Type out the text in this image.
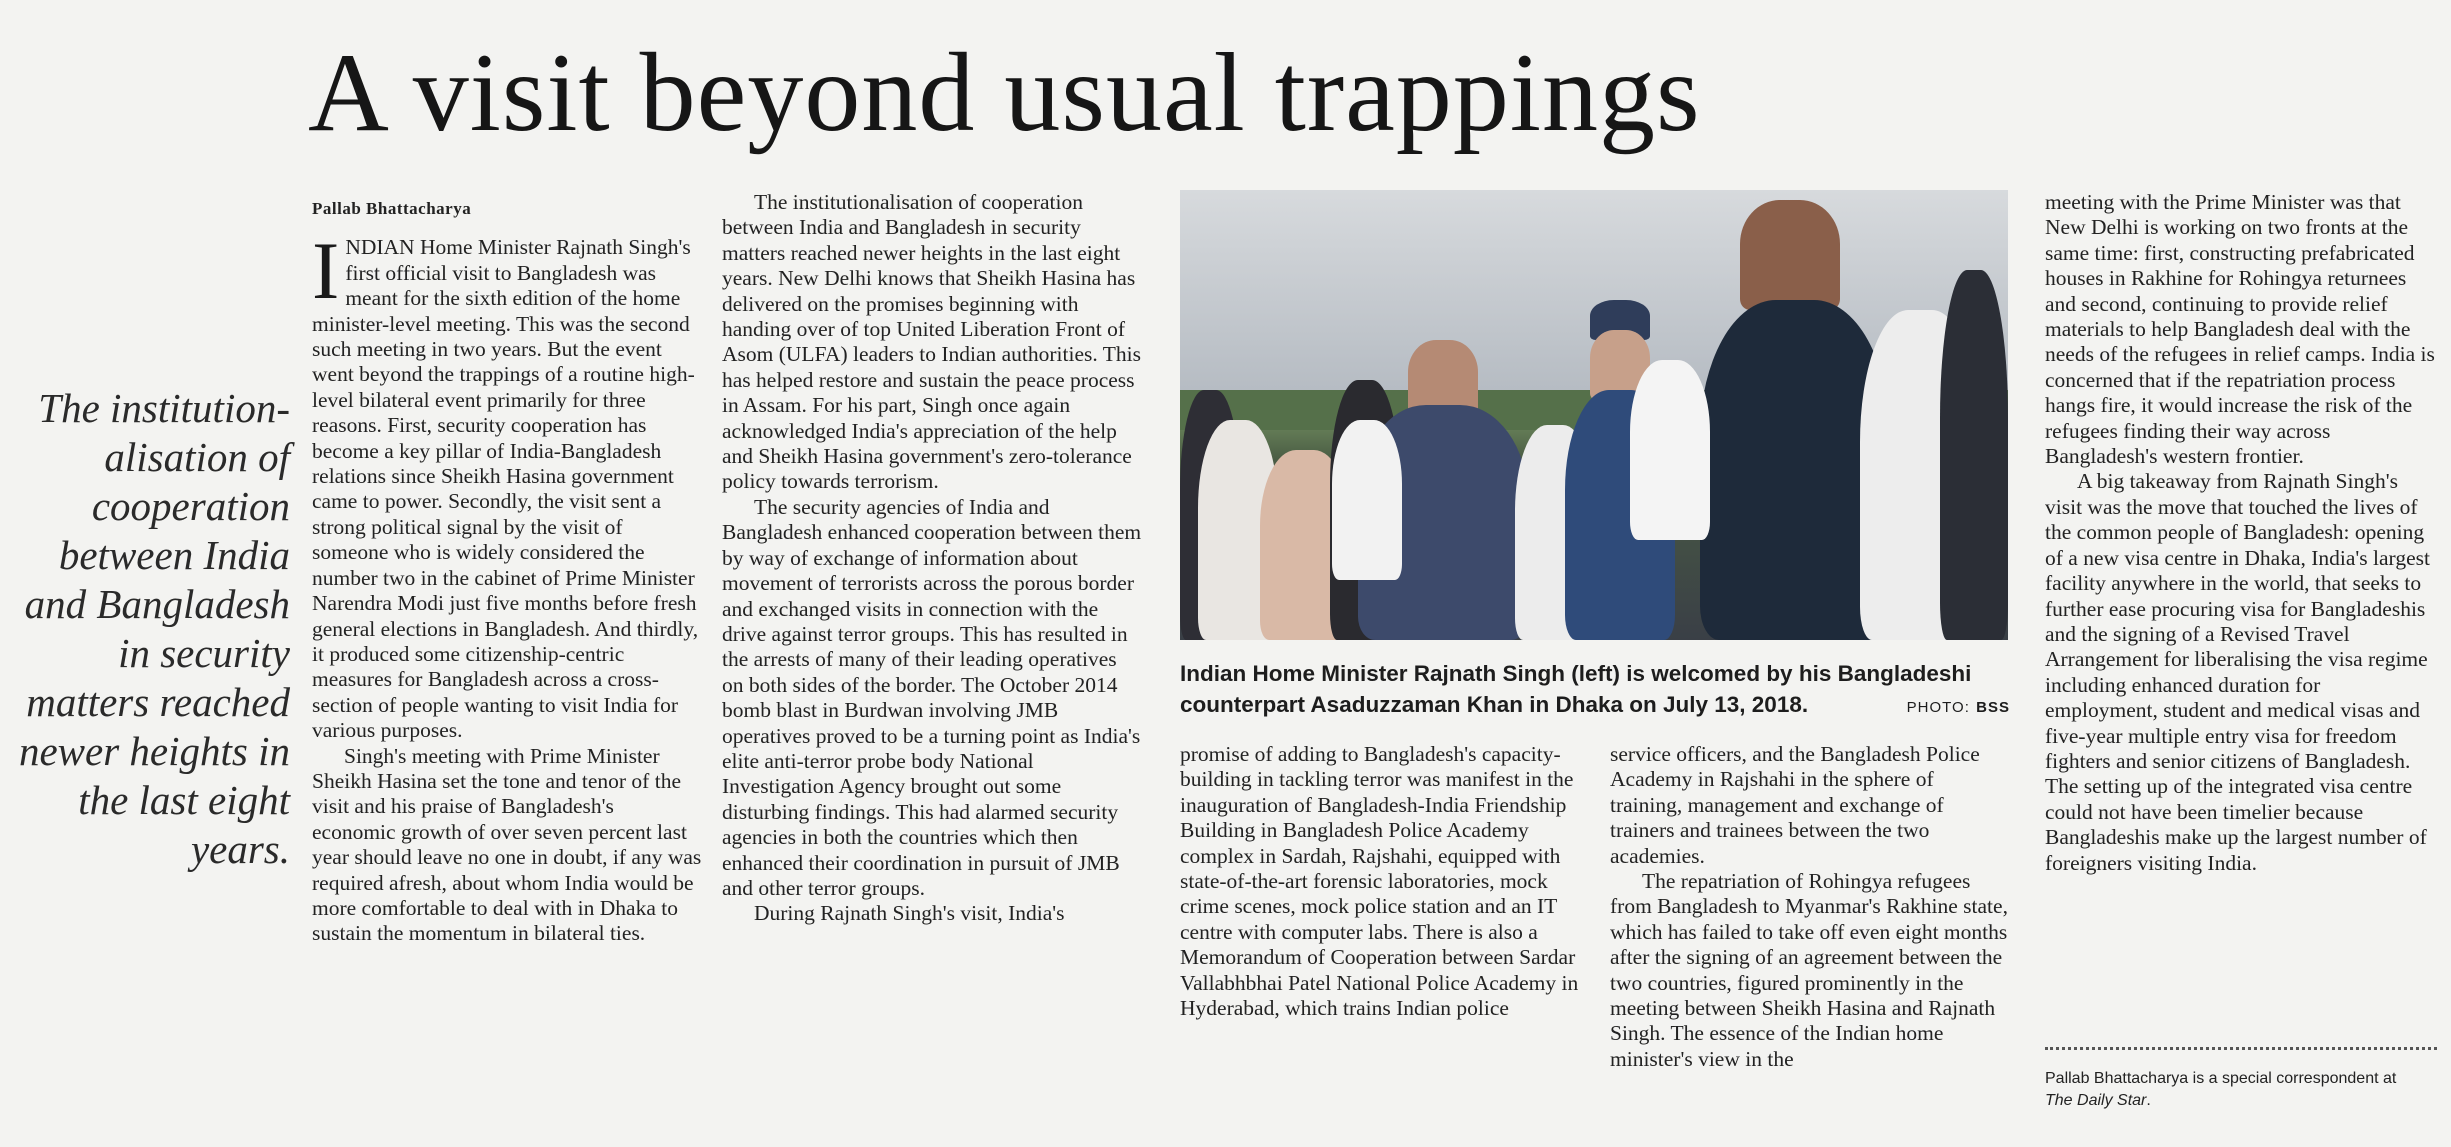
A visit beyond usual trappings
The institution-alisation of cooperation between India and Bangladesh in security matters reached newer heights in the last eight years.
Pallab Bhattacharya

INDIAN Home Minister Rajnath Singh's first official visit to Bangladesh was meant for the sixth edition of the home minister-level meeting. This was the second such meeting in two years. But the event went beyond the trappings of a routine high-level bilateral event primarily for three reasons. First, security cooperation has become a key pillar of India-Bangladesh relations since Sheikh Hasina government came to power. Secondly, the visit sent a strong political signal by the visit of someone who is widely considered the number two in the cabinet of Prime Minister Narendra Modi just five months before fresh general elections in Bangladesh. And thirdly, it produced some citizenship-centric measures for Bangladesh across a cross-section of people wanting to visit India for various purposes.

Singh's meeting with Prime Minister Sheikh Hasina set the tone and tenor of the visit and his praise of Bangladesh's economic growth of over seven percent last year should leave no one in doubt, if any was required afresh, about whom India would be more comfortable to deal with in Dhaka to sustain the momentum in bilateral ties.

The institutionalisation of cooperation between India and Bangladesh in security matters reached newer heights in the last eight years. New Delhi knows that Sheikh Hasina has delivered on the promises beginning with handing over of top United Liberation Front of Asom (ULFA) leaders to Indian authorities. This has helped restore and sustain the peace process in Assam. For his part, Singh once again acknowledged India's appreciation of the help and Sheikh Hasina government's zero-tolerance policy towards terrorism.

The security agencies of India and Bangladesh enhanced cooperation between them by way of exchange of information about movement of terrorists across the porous border and exchanged visits in connection with the drive against terror groups. This has resulted in the arrests of many of their leading operatives on both sides of the border. The October 2014 bomb blast in Burdwan involving JMB operatives proved to be a turning point as India's elite anti-terror probe body National Investigation Agency brought out some disturbing findings. This had alarmed security agencies in both the countries which then enhanced their coordination in pursuit of JMB and other terror groups.

During Rajnath Singh's visit, India's

Indian Home Minister Rajnath Singh (left) is welcomed by his Bangladeshi counterpart Asaduzzaman Khan in Dhaka on July 13, 2018.	PHOTO: BSS

promise of adding to Bangladesh's capacity-building in tackling terror was manifest in the inauguration of Bangladesh-India Friendship Building in Bangladesh Police Academy complex in Sardah, Rajshahi, equipped with state-of-the-art forensic laboratories, mock crime scenes, mock police station and an IT centre with computer labs. There is also a Memorandum of Cooperation between Sardar Vallabhbhai Patel National Police Academy in Hyderabad, which trains Indian police

service officers, and the Bangladesh Police Academy in Rajshahi in the sphere of training, management and exchange of trainers and trainees between the two academies.

The repatriation of Rohingya refugees from Bangladesh to Myanmar's Rakhine state, which has failed to take off even eight months after the signing of an agreement between the two countries, figured prominently in the meeting between Sheikh Hasina and Rajnath Singh. The essence of the Indian home minister's view in the

meeting with the Prime Minister was that New Delhi is working on two fronts at the same time: first, constructing prefabricated houses in Rakhine for Rohingya returnees and second, continuing to provide relief materials to help Bangladesh deal with the needs of the refugees in relief camps. India is concerned that if the repatriation process hangs fire, it would increase the risk of the refugees finding their way across Bangladesh's western frontier.

A big takeaway from Rajnath Singh's visit was the move that touched the lives of the common people of Bangladesh: opening of a new visa centre in Dhaka, India's largest facility anywhere in the world, that seeks to further ease procuring visa for Bangladeshis and the signing of a Revised Travel Arrangement for liberalising the visa regime including enhanced duration for employment, student and medical visas and five-year multiple entry visa for freedom fighters and senior citizens of Bangladesh. The setting up of the integrated visa centre could not have been timelier because Bangladeshis make up the largest number of foreigners visiting India.

Pallab Bhattacharya is a special correspondent at
The Daily Star.
